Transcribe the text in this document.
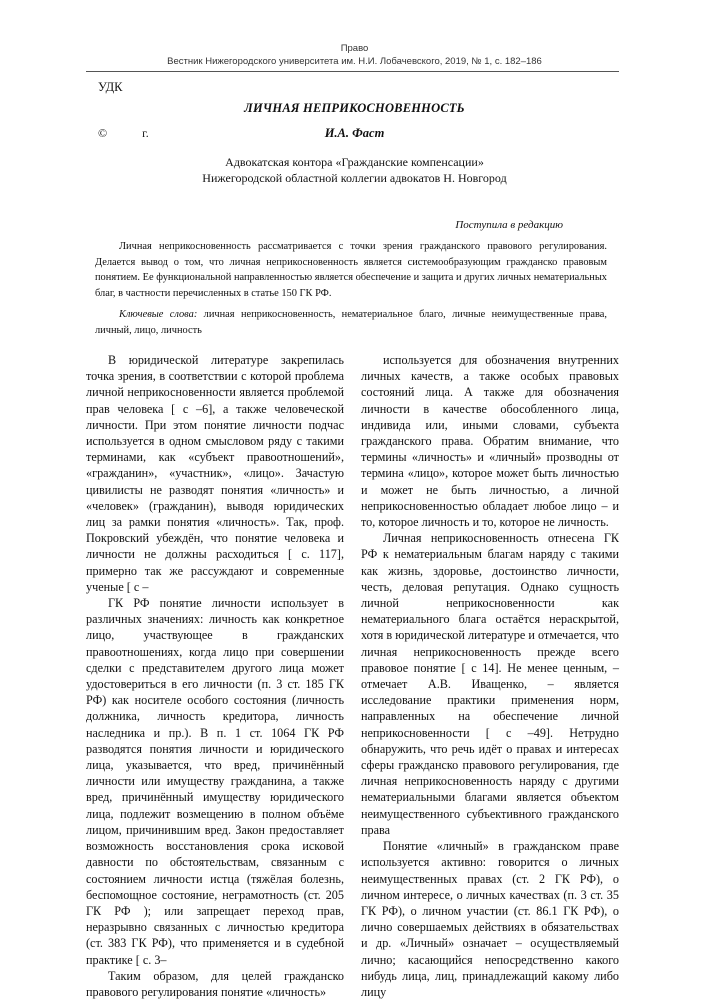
Право
Вестник Нижегородского университета им. Н.И. Лобачевского, 2019, № 1, с. 182–186
УДК
ЛИЧНАЯ НЕПРИКОСНОВЕННОСТЬ
©	г.	И.А. Фаст
Адвокатская контора «Гражданские компенсации»
Нижегородской областной коллегии адвокатов Н. Новгород
Поступила в редакцию
Личная неприкосновенность рассматривается с точки зрения гражданского правового регулирования. Делается вывод о том, что личная неприкосновенность является системообразующим гражданско правовым понятием. Ее функциональной направленностью является обеспечение и защита и других личных нематериальных благ, в частности перечисленных в статье 150 ГК РФ.
Ключевые слова: личная неприкосновенность, нематериальное благо, личные неимущественные права, личный, лицо, личность

В юридической литературе закрепилась точка зрения, в соответствии с которой проблема личной неприкосновенности является проблемой прав человека [ с –6], а также человеческой личности. При этом понятие личности подчас используется в одном смысловом ряду с такими терминами, как «субъект правоотношений», «гражданин», «участник», «лицо». Зачастую цивилисты не разводят понятия «личность» и «человек» (гражданин), выводя юридических лиц за рамки понятия «личность». Так, проф. Покровский убеждён, что понятие человека и личности не должны расходиться [ с. 117], примерно так же рассуждают и современные ученые [ с –

ГК РФ понятие личности использует в различных значениях: личность как конкретное лицо, участвующее в гражданских правоотношениях, когда лицо при совершении сделки с представителем другого лица может удостовериться в его личности (п. 3 ст. 185 ГК РФ) как носителе особого состояния (личность должника, личность кредитора, личность наследника и пр.). В п. 1 ст. 1064 ГК РФ разводятся понятия личности и юридического лица, указывается, что вред, причинённый личности или имуществу гражданина, а также вред, причинённый имуществу юридического лица, подлежит возмещению в полном объёме лицом, причинившим вред. Закон предоставляет возможность восстановления срока исковой давности по обстоятельствам, связанным с состоянием личности истца (тяжёлая болезнь, беспомощное состояние, неграмотность (ст. 205 ГК РФ ); или запрещает переход прав, неразрывно связанных с личностью кредитора (ст. 383 ГК РФ), что применяется и в судебной практике [ с. 3–

Таким образом, для целей гражданско правового регулирования понятие «личность»

используется для обозначения внутренних личных качеств, а также особых правовых состояний лица. А также для обозначения личности в качестве обособленного лица, индивида или, иными словами, субъекта гражданского права. Обратим внимание, что термины «личность» и «личный» прозводны от термина «лицо», которое может быть личностью и может не быть личностью, а личной неприкосновенностью обладает любое лицо – и то, которое личность и то, которое не личность.

Личная неприкосновенность отнесена ГК РФ к нематериальным благам наряду с такими как жизнь, здоровье, достоинство личности, честь, деловая репутация. Однако сущность личной неприкосновенности как нематериального блага остаётся нераскрытой, хотя в юридической литературе и отмечается, что личная неприкосновенность прежде всего правовое понятие [ с 14]. Не менее ценным, – отмечает А.В. Иващенко, – является исследование практики применения норм, направленных на обеспечение личной неприкосновенности [ с –49]. Нетрудно обнаружить, что речь идёт о правах и интересах сферы гражданско правового регулирования, где личная неприкосновенность наряду с другими нематериальными благами является объектом неимущественного субъективного гражданского права

Понятие «личный» в гражданском праве используется активно: говорится о личных неимущественных правах (ст. 2 ГК РФ), о личном интересе, о личных качествах (п. 3 ст. 35 ГК РФ), о личном участии (ст. 86.1 ГК РФ), о лично совершаемых действиях в обязательствах и др. «Личный» означает – осуществляемый лично; касающийся непосредственно какого нибудь лица, лиц, принадлежащий какому либо лицу
